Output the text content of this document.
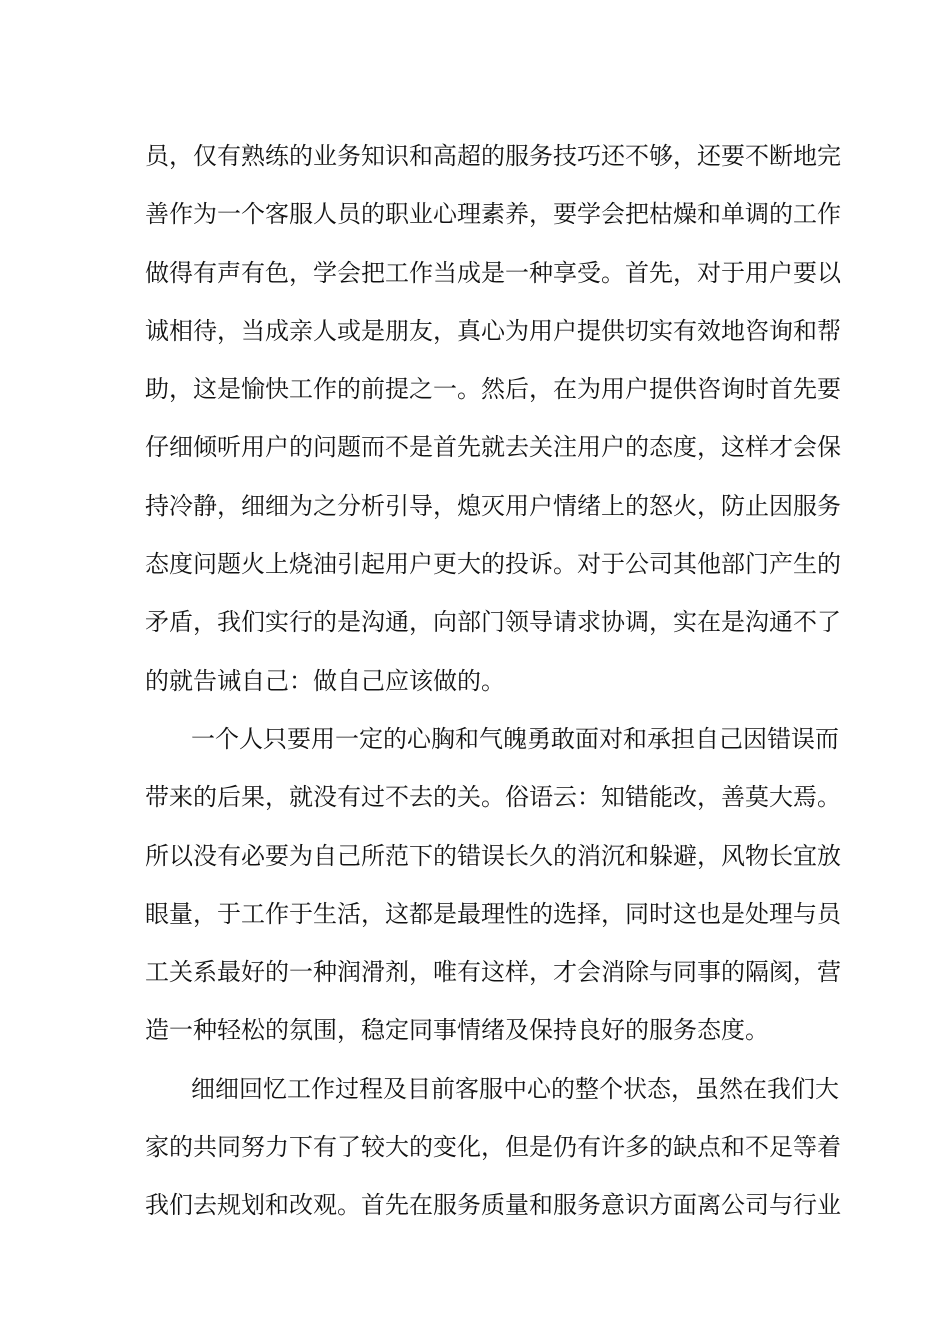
员，仅有熟练的业务知识和高超的服务技巧还不够，还要不断地完
善作为一个客服人员的职业心理素养，要学会把枯燥和单调的工作
做得有声有色，学会把工作当成是一种享受。首先，对于用户要以
诚相待，当成亲人或是朋友，真心为用户提供切实有效地咨询和帮
助，这是愉快工作的前提之一。然后，在为用户提供咨询时首先要
仔细倾听用户的问题而不是首先就去关注用户的态度，这样才会保
持冷静，细细为之分析引导，熄灭用户情绪上的怒火，防止因服务
态度问题火上烧油引起用户更大的投诉。对于公司其他部门产生的
矛盾，我们实行的是沟通，向部门领导请求协调，实在是沟通不了
的就告诫自己：做自己应该做的。
一个人只要用一定的心胸和气魄勇敢面对和承担自己因错误而
带来的后果，就没有过不去的关。俗语云：知错能改，善莫大焉。
所以没有必要为自己所范下的错误长久的消沉和躲避，风物长宜放
眼量，于工作于生活，这都是最理性的选择，同时这也是处理与员
工关系最好的一种润滑剂，唯有这样，才会消除与同事的隔阂，营
造一种轻松的氛围，稳定同事情绪及保持良好的服务态度。
细细回忆工作过程及目前客服中心的整个状态，虽然在我们大
家的共同努力下有了较大的变化，但是仍有许多的缺点和不足等着
我们去规划和改观。首先在服务质量和服务意识方面离公司与行业
